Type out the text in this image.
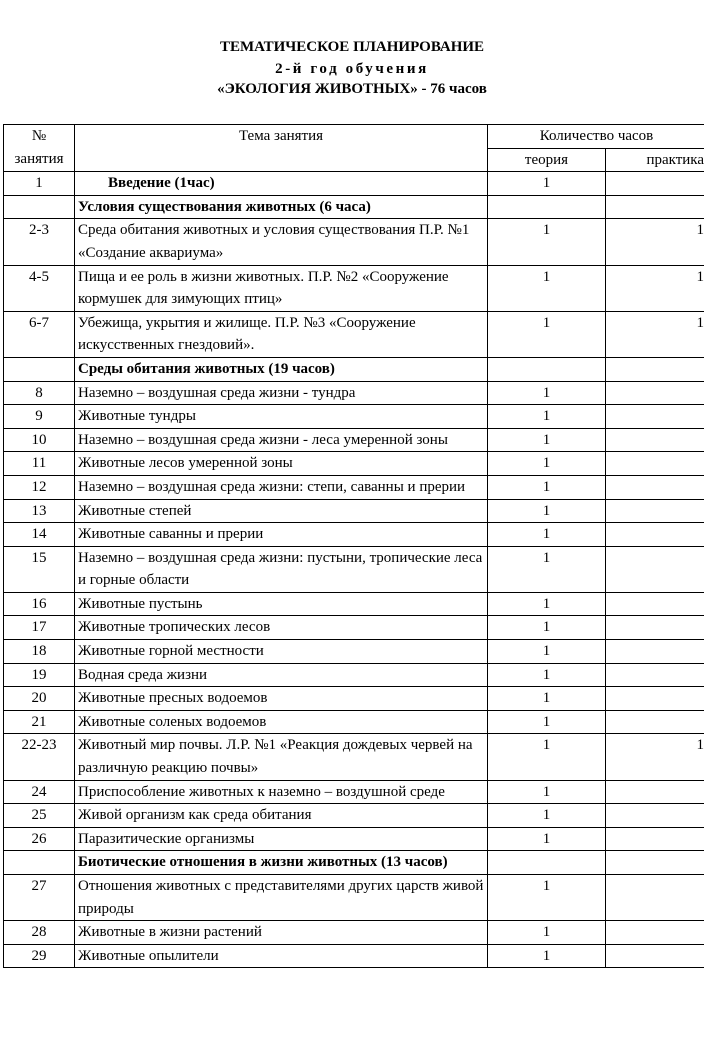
ТЕМАТИЧЕСКОЕ ПЛАНИРОВАНИЕ
2-й год обучения
«ЭКОЛОГИЯ ЖИВОТНЫХ» - 76 часов
№
занятия	Тема занятия	Количество часов	
		теория	практика
1	Введение (1час)	1	
	Условия существования животных (6 часа)		
2-3	Среда обитания животных и условия существования П.Р. №1 «Создание аквариума»	1	1
4-5	Пища и ее роль в жизни животных. П.Р. №2 «Сооружение кормушек для зимующих птиц»	1	1
6-7	Убежища, укрытия и жилище. П.Р. №3 «Сооружение искусственных гнездовий».	1	1
	Среды обитания животных (19 часов)		
8	Наземно – воздушная среда жизни - тундра	1	
9	Животные тундры	1	
10	Наземно – воздушная среда жизни - леса умеренной зоны	1	
11	Животные лесов умеренной зоны	1	
12	Наземно – воздушная среда жизни: степи, саванны и прерии	1	
13	Животные степей	1	
14	Животные саванны и прерии	1	
15	Наземно – воздушная среда жизни: пустыни, тропические леса и горные области	1	
16	Животные пустынь	1	
17	Животные тропических лесов	1	
18	Животные горной местности	1	
19	Водная среда жизни	1	
20	Животные пресных водоемов	1	
21	Животные соленых водоемов	1	
22-23	Животный мир почвы. Л.Р. №1 «Реакция дождевых червей на различную реакцию почвы»	1	1
24	Приспособление животных к наземно – воздушной среде	1	
25	Живой организм как среда обитания	1	
26	Паразитические организмы	1	
	Биотические отношения в жизни животных (13 часов)		
27	Отношения животных с представителями других царств живой природы	1	
28	Животные в жизни растений	1	
29	Животные опылители	1	
